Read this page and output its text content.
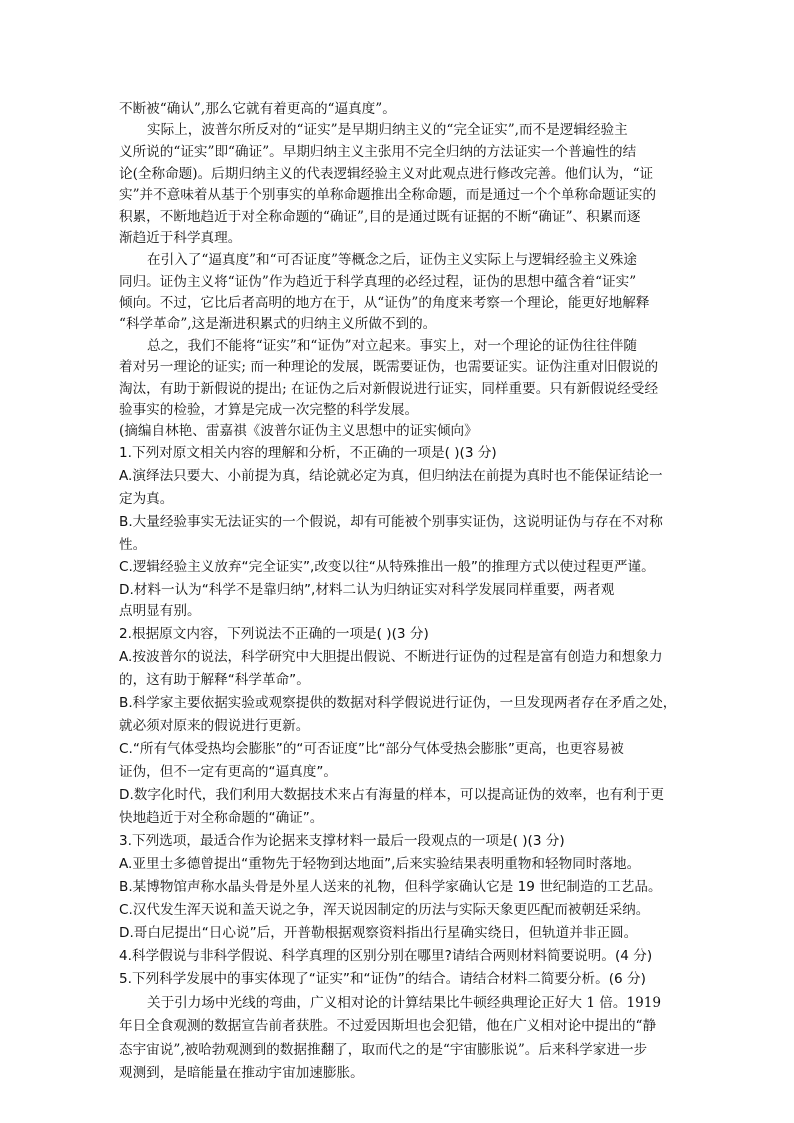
不断被“确认”,那么它就有着更高的“逼真度”。
实际上，波普尔所反对的“证实”是早期归纳主义的“完全证实”,而不是逻辑经验主
义所说的“证实”即“确证”。早期归纳主义主张用不完全归纳的方法证实一个普遍性的结
论(全称命题)。后期归纳主义的代表逻辑经验主义对此观点进行修改完善。他们认为，“证
实”并不意味着从基于个别事实的单称命题推出全称命题，而是通过一个个单称命题证实的
积累，不断地趋近于对全称命题的“确证”,目的是通过既有证据的不断“确证”、积累而逐
渐趋近于科学真理。
在引入了“逼真度”和“可否证度”等概念之后，证伪主义实际上与逻辑经验主义殊途
同归。证伪主义将“证伪”作为趋近于科学真理的必经过程，证伪的思想中蕴含着“证实”
倾向。不过，它比后者高明的地方在于，从“证伪”的角度来考察一个理论，能更好地解释
“科学革命”,这是渐进积累式的归纳主义所做不到的。
总之，我们不能将“证实”和“证伪”对立起来。事实上，对一个理论的证伪往往伴随
着对另一理论的证实; 而一种理论的发展，既需要证伪，也需要证实。证伪注重对旧假说的
淘汰，有助于新假说的提出; 在证伪之后对新假说进行证实，同样重要。只有新假说经受经
验事实的检验，才算是完成一次完整的科学发展。
(摘编自林艳、雷嘉祺《波普尔证伪主义思想中的证实倾向》
1.下列对原文相关内容的理解和分析，不正确的一项是( )(3 分)
A.演绎法只要大、小前提为真，结论就必定为真，但归纳法在前提为真时也不能保证结论一
定为真。
B.大量经验事实无法证实的一个假说，却有可能被个别事实证伪，这说明证伪与存在不对称
性。
C.逻辑经验主义放弃“完全证实”,改变以往“从特殊推出一般”的推理方式以使过程更严谨。
D.材料一认为“科学不是靠归纳”,材料二认为归纳证实对科学发展同样重要，两者观
点明显有别。
2.根据原文内容，下列说法不正确的一项是( )(3 分)
A.按波普尔的说法，科学研究中大胆提出假说、不断进行证伪的过程是富有创造力和想象力
的，这有助于解释“科学革命”。
B.科学家主要依据实验或观察提供的数据对科学假说进行证伪，一旦发现两者存在矛盾之处，
就必须对原来的假说进行更新。
C.“所有气体受热均会膨胀”的“可否证度”比“部分气体受热会膨胀”更高，也更容易被
证伪，但不一定有更高的“逼真度”。
D.数字化时代，我们利用大数据技术来占有海量的样本，可以提高证伪的效率，也有利于更
快地趋近于对全称命题的“确证”。
3.下列选项，最适合作为论据来支撑材料一最后一段观点的一项是( )(3 分)
A.亚里士多德曾提出“重物先于轻物到达地面”,后来实验结果表明重物和轻物同时落地。
B.某博物馆声称水晶头骨是外星人送来的礼物，但科学家确认它是 19 世纪制造的工艺品。
C.汉代发生浑天说和盖天说之争，浑天说因制定的历法与实际天象更匹配而被朝廷采纳。
D.哥白尼提出“日心说”后，开普勒根据观察资料指出行星确实绕日，但轨道并非正圆。
4.科学假说与非科学假说、科学真理的区别分别在哪里?请结合两则材料简要说明。(4 分)
5.下列科学发展中的事实体现了“证实”和“证伪”的结合。请结合材料二简要分析。(6 分)
关于引力场中光线的弯曲，广义相对论的计算结果比牛顿经典理论正好大 1 倍。1919
年日全食观测的数据宣告前者获胜。不过爱因斯坦也会犯错，他在广义相对论中提出的“静
态宇宙说”,被哈勃观测到的数据推翻了，取而代之的是“宇宙膨胀说”。后来科学家进一步
观测到，是暗能量在推动宇宙加速膨胀。
